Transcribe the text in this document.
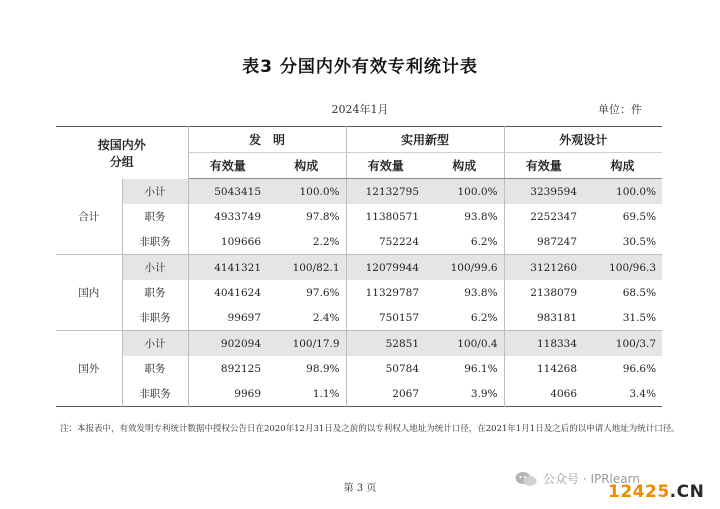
表3 分国内外有效专利统计表
2024年1月	单位：件
按国内外分组		发　明		实用新型		外观设计	
		有效量	构成	有效量	构成	有效量	构成
合计	小计	5043415	100.0%	12132795	100.0%	3239594	100.0%
	职务	4933749	97.8%	11380571	93.8%	2252347	69.5%
	非职务	109666	2.2%	752224	6.2%	987247	30.5%
国内	小计	4141321	100/82.1	12079944	100/99.6	3121260	100/96.3
	职务	4041624	97.6%	11329787	93.8%	2138079	68.5%
	非职务	99697	2.4%	750157	6.2%	983181	31.5%
国外	小计	902094	100/17.9	52851	100/0.4	118334	100/3.7
	职务	892125	98.9%	50784	96.1%	114268	96.6%
	非职务	9969	1.1%	2067	3.9%	4066	3.4%
注：本报表中，有效发明专利统计数据中授权公告日在2020年12月31日及之前的以专利权人地址为统计口径，在2021年1月1日及之后的以申请人地址为统计口径。
第 3 页
公众号 · IPRlearn
12425.CN
